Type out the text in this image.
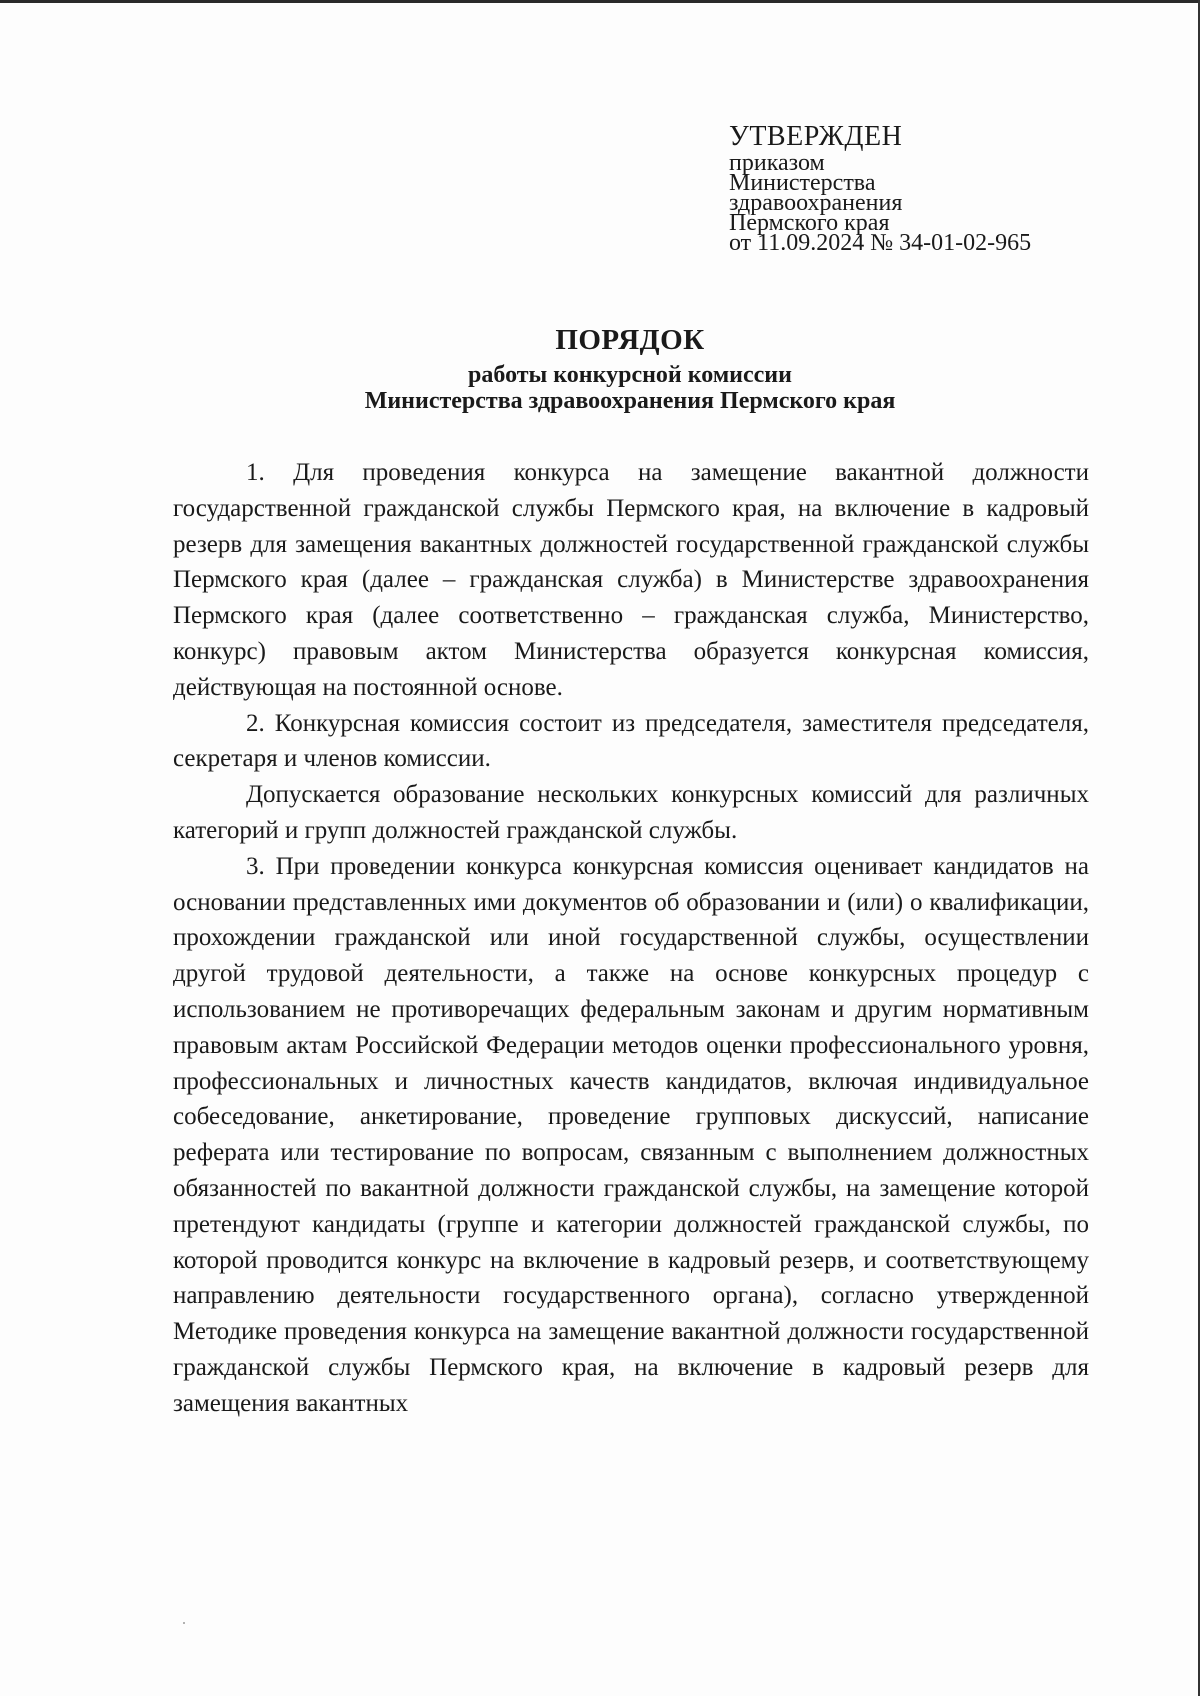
УТВЕРЖДЕН
приказом
Министерства
здравоохранения
Пермского края
от 11.09.2024 № 34-01-02-965
ПОРЯДОК
работы конкурсной комиссии
Министерства здравоохранения Пермского края

1. Для проведения конкурса на замещение вакантной должности государственной гражданской службы Пермского края, на включение в кадровый резерв для замещения вакантных должностей государственной гражданской службы Пермского края (далее – гражданская служба) в Министерстве здравоохранения Пермского края (далее соответственно – гражданская служба, Министерство, конкурс) правовым актом Министерства образуется конкурсная комиссия, действующая на постоянной основе.

2. Конкурсная комиссия состоит из председателя, заместителя председателя, секретаря и членов комиссии.

Допускается образование нескольких конкурсных комиссий для различных категорий и групп должностей гражданской службы.

3. При проведении конкурса конкурсная комиссия оценивает кандидатов на основании представленных ими документов об образовании и (или) о квалификации, прохождении гражданской или иной государственной службы, осуществлении другой трудовой деятельности, а также на основе конкурсных процедур с использованием не противоречащих федеральным законам и другим нормативным правовым актам Российской Федерации методов оценки профессионального уровня, профессиональных и личностных качеств кандидатов, включая индивидуальное собеседование, анкетирование, проведение групповых дискуссий, написание реферата или тестирование по вопросам, связанным с выполнением должностных обязанностей по вакантной должности гражданской службы, на замещение которой претендуют кандидаты (группе и категории должностей гражданской службы, по которой проводится конкурс на включение в кадровый резерв, и соответствующему направлению деятельности государственного органа), согласно утвержденной Методике проведения конкурса на замещение вакантной должности государственной гражданской службы Пермского края, на включение в кадровый резерв для замещения вакантных
